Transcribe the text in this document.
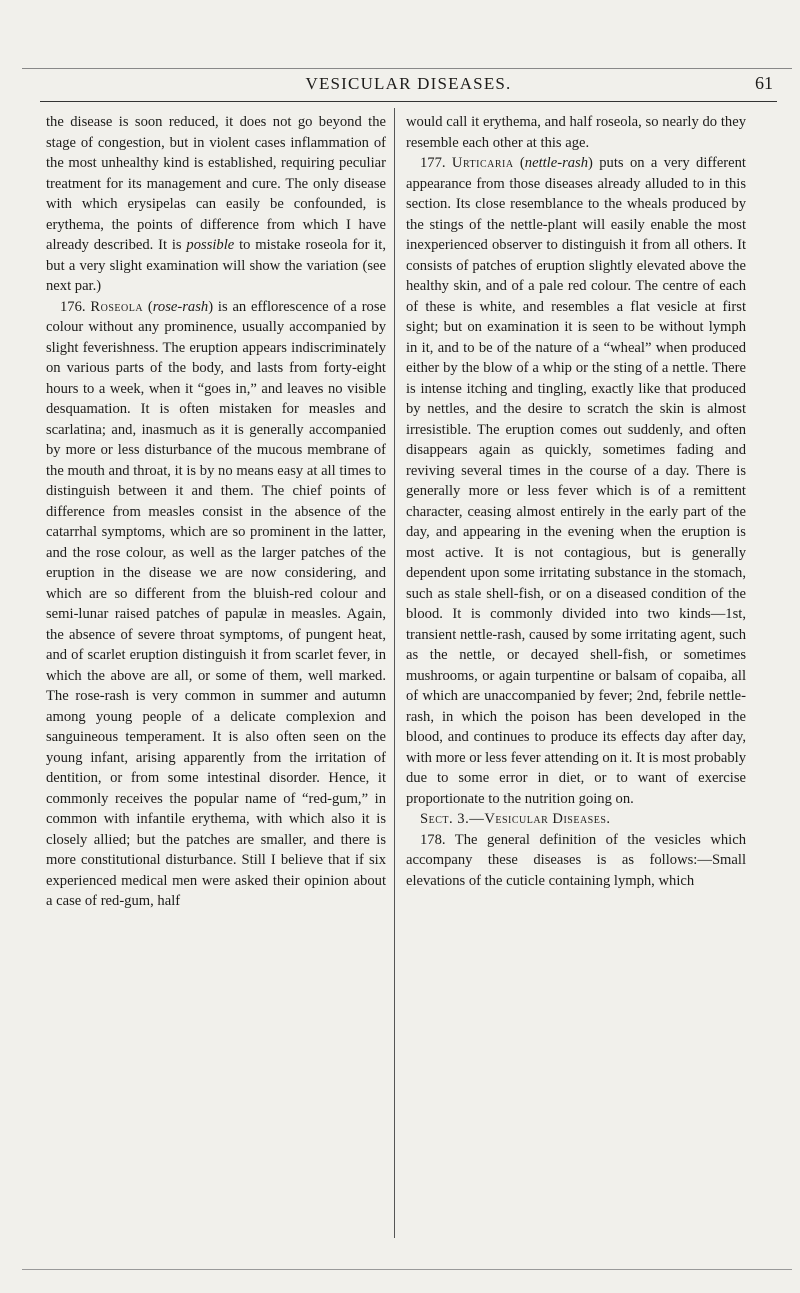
VESICULAR DISEASES.	61

the disease is soon reduced, it does not go beyond the stage of congestion, but in violent cases inflammation of the most unhealthy kind is established, requiring peculiar treatment for its management and cure. The only disease with which erysipelas can easily be confounded, is erythema, the points of difference from which I have already described. It is possible to mistake roseola for it, but a very slight examination will show the variation (see next par.)

176. Roseola (rose-rash) is an efflorescence of a rose colour without any prominence, usually accompanied by slight feverishness. The eruption appears indiscriminately on various parts of the body, and lasts from forty-eight hours to a week, when it “goes in,” and leaves no visible desquamation. It is often mistaken for measles and scarlatina; and, inasmuch as it is generally accompanied by more or less disturbance of the mucous membrane of the mouth and throat, it is by no means easy at all times to distinguish between it and them. The chief points of difference from measles consist in the absence of the catarrhal symptoms, which are so prominent in the latter, and the rose colour, as well as the larger patches of the eruption in the disease we are now considering, and which are so different from the bluish-red colour and semi-lunar raised patches of papulæ in measles. Again, the absence of severe throat symptoms, of pungent heat, and of scarlet eruption distinguish it from scarlet fever, in which the above are all, or some of them, well marked. The rose-rash is very common in summer and autumn among young people of a delicate complexion and sanguineous temperament. It is also often seen on the young infant, arising apparently from the irritation of dentition, or from some intestinal disorder. Hence, it commonly receives the popular name of “red-gum,” in common with infantile erythema, with which also it is closely allied; but the patches are smaller, and there is more constitutional disturbance. Still I believe that if six experienced medical men were asked their opinion about a case of red-gum, half

would call it erythema, and half roseola, so nearly do they resemble each other at this age.

177. Urticaria (nettle-rash) puts on a very different appearance from those diseases already alluded to in this section. Its close resemblance to the wheals produced by the stings of the nettle-plant will easily enable the most inexperienced observer to distinguish it from all others. It consists of patches of eruption slightly elevated above the healthy skin, and of a pale red colour. The centre of each of these is white, and resembles a flat vesicle at first sight; but on examination it is seen to be without lymph in it, and to be of the nature of a “wheal” when produced either by the blow of a whip or the sting of a nettle. There is intense itching and tingling, exactly like that produced by nettles, and the desire to scratch the skin is almost irresistible. The eruption comes out suddenly, and often disappears again as quickly, sometimes fading and reviving several times in the course of a day. There is generally more or less fever which is of a remittent character, ceasing almost entirely in the early part of the day, and appearing in the evening when the eruption is most active. It is not contagious, but is generally dependent upon some irritating substance in the stomach, such as stale shell-fish, or on a diseased condition of the blood. It is commonly divided into two kinds—1st, transient nettle-rash, caused by some irritating agent, such as the nettle, or decayed shell-fish, or sometimes mushrooms, or again turpentine or balsam of copaiba, all of which are unaccompanied by fever; 2nd, febrile nettle-rash, in which the poison has been developed in the blood, and continues to produce its effects day after day, with more or less fever attending on it. It is most probably due to some error in diet, or to want of exercise proportionate to the nutrition going on.

Sect. 3.—Vesicular Diseases.

178. The general definition of the vesicles which accompany these diseases is as follows:—Small elevations of the cuticle containing lymph, which
